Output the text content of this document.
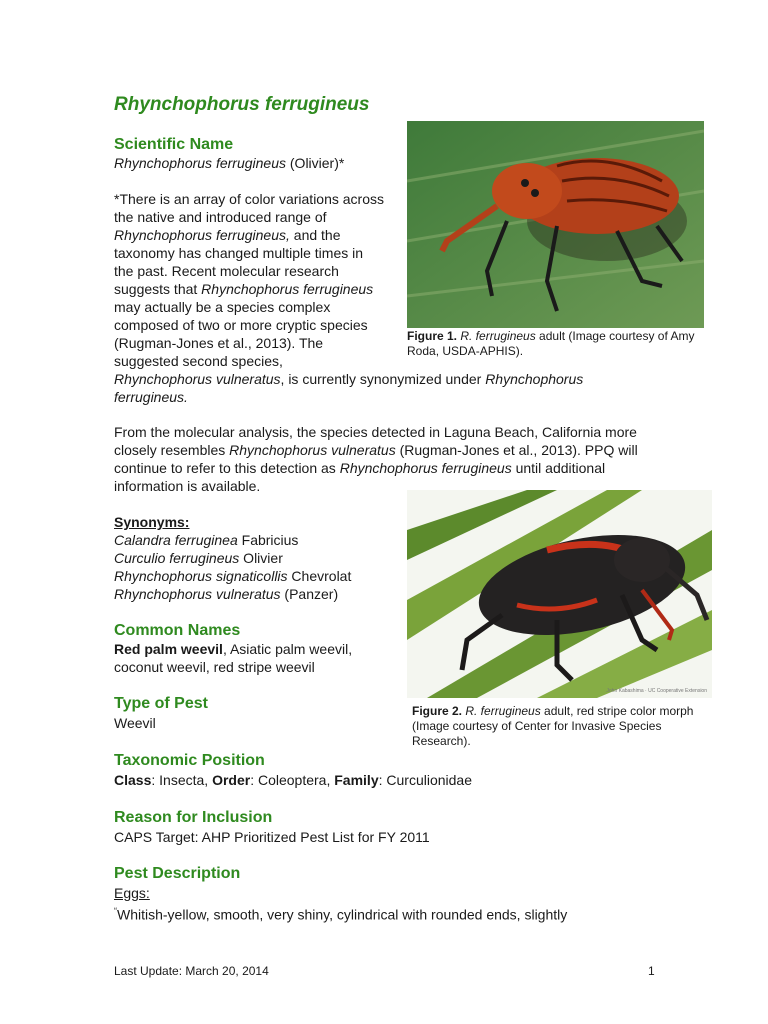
Rhynchophorus ferrugineus
Scientific Name
Rhynchophorus ferrugineus (Olivier)*
*There is an array of color variations across the native and introduced range of Rhynchophorus ferrugineus, and the taxonomy has changed multiple times in the past. Recent molecular research suggests that Rhynchophorus ferrugineus may actually be a species complex composed of two or more cryptic species (Rugman-Jones et al., 2013). The suggested second species,
Rhynchophorus vulneratus, is currently synonymized under Rhynchophorus ferrugineus.
Figure 1. R. ferrugineus adult (Image courtesy of Amy Roda, USDA-APHIS).
From the molecular analysis, the species detected in Laguna Beach, California more closely resembles Rhynchophorus vulneratus (Rugman-Jones et al., 2013). PPQ will continue to refer to this detection as Rhynchophorus ferrugineus until additional information is available.
Synonyms:
Calandra ferruginea Fabricius
Curculio ferrugineus Olivier
Rhynchophorus signaticollis Chevrolat
Rhynchophorus vulneratus (Panzer)
John Kabashima · UC Cooperative Extension
Figure 2. R. ferrugineus adult, red stripe color morph (Image courtesy of Center for Invasive Species Research).
Common Names
Red palm weevil, Asiatic palm weevil, coconut weevil, red stripe weevil
Type of Pest
Weevil
Taxonomic Position
Class: Insecta, Order: Coleoptera, Family: Curculionidae
Reason for Inclusion
CAPS Target: AHP Prioritized Pest List for FY 2011
Pest Description
Eggs:
“Whitish-yellow, smooth, very shiny, cylindrical with rounded ends, slightly
Last Update: March 20, 2014	1
